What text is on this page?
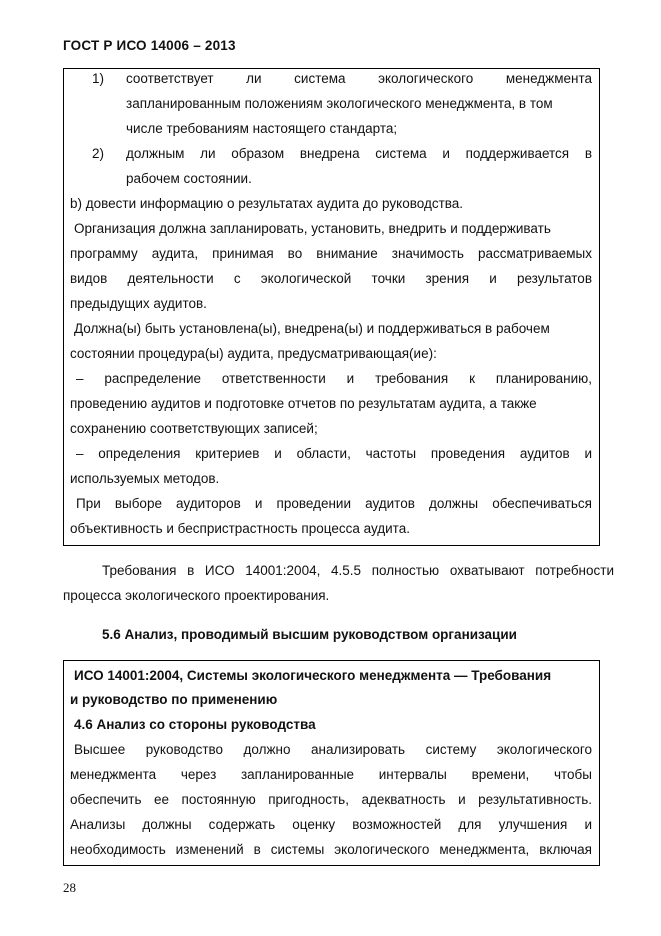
ГОСТ Р ИСО 14006 – 2013
1) соответствует ли система экологического менеджмента
запланированным положениям экологического менеджмента, в том
числе требованиям настоящего стандарта;
2) должным ли образом внедрена система и поддерживается в
рабочем состоянии.
b) довести информацию о результатах аудита до руководства.
Организация должна запланировать, установить, внедрить и поддерживать
программу аудита, принимая во внимание значимость рассматриваемых
видов деятельности с экологической точки зрения и результатов
предыдущих аудитов.
Должна(ы) быть установлена(ы), внедрена(ы) и поддерживаться в рабочем
состоянии процедура(ы) аудита, предусматривающая(ие):
– распределение ответственности и требования к планированию,
проведению аудитов и подготовке отчетов по результатам аудита, а также
сохранению соответствующих записей;
– определения критериев и области, частоты проведения аудитов и
используемых методов.
При выборе аудиторов и проведении аудитов должны обеспечиваться
объективность и беспристрастность процесса аудита.
Требования в ИСО 14001:2004, 4.5.5 полностью охватывают потребности
процесса экологического проектирования.
5.6 Анализ, проводимый высшим руководством организации
ИСО 14001:2004, Системы экологического менеджмента — Требования
и руководство по применению
4.6 Анализ со стороны руководства
Высшее руководство должно анализировать систему экологического
менеджмента через запланированные интервалы времени, чтобы
обеспечить ее постоянную пригодность, адекватность и результативность.
Анализы должны содержать оценку возможностей для улучшения и
необходимость изменений в системы экологического менеджмента, включая
28
